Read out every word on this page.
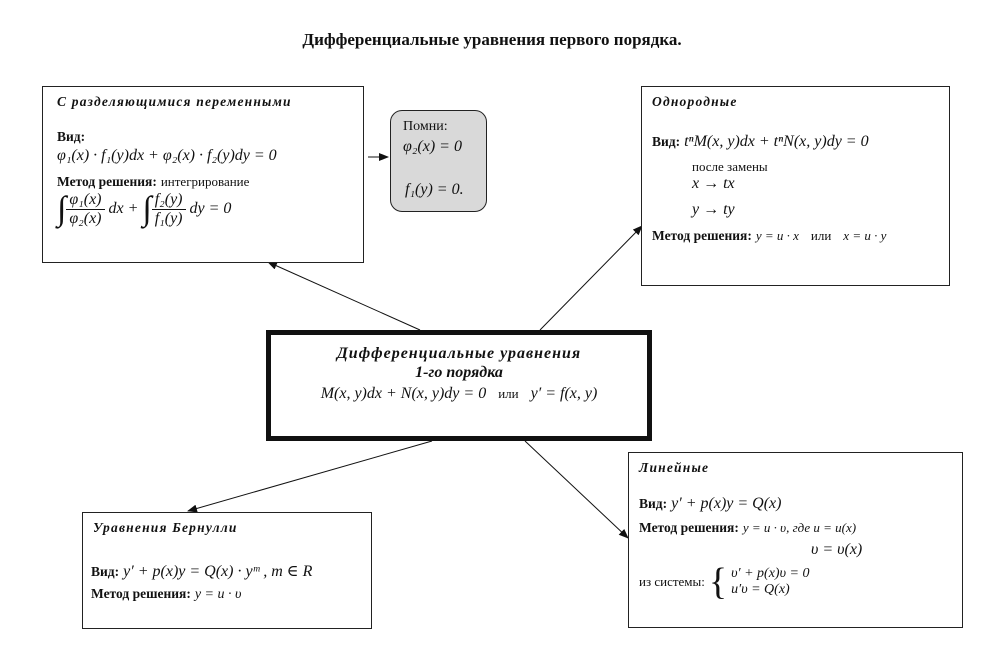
Дифференциальные уравнения первого порядка.
С разделяющимися переменными
Вид:
φ₁(x) · f₁(y)dx + φ₂(x) · f₂(y)dy = 0
Метод решения: интегрирование
∫ $\frac{\text{φ₁(x)}}{\text{φ₂(x)}}$ dx + ∫ $\frac{\text{f₂(y)}}{\text{f₁(y)}}$ dy = 0
Помни:
φ₂(x) = 0
f₁(y) = 0.
Однородные
Вид: tⁿM(x, y)dx + tⁿN(x, y)dy = 0
после замены
x → tx
y → ty
Метод решения: y = u · x или x = u · y
Дифференциальные уравнения
1-го порядка
M(x, y)dx + N(x, y)dy = 0 или y′ = f(x, y)
Уравнения Бернулли
Вид: y′ + p(x)y = Q(x) · yᵐ , m ∈ R
Метод решения: y = u · υ
Линейные
Вид: y′ + p(x)y = Q(x)
Метод решения: y = u · υ, где u = u(x)
υ = υ(x)
из системы: { υ′ + p(x)υ = 0
u′υ = Q(x)
